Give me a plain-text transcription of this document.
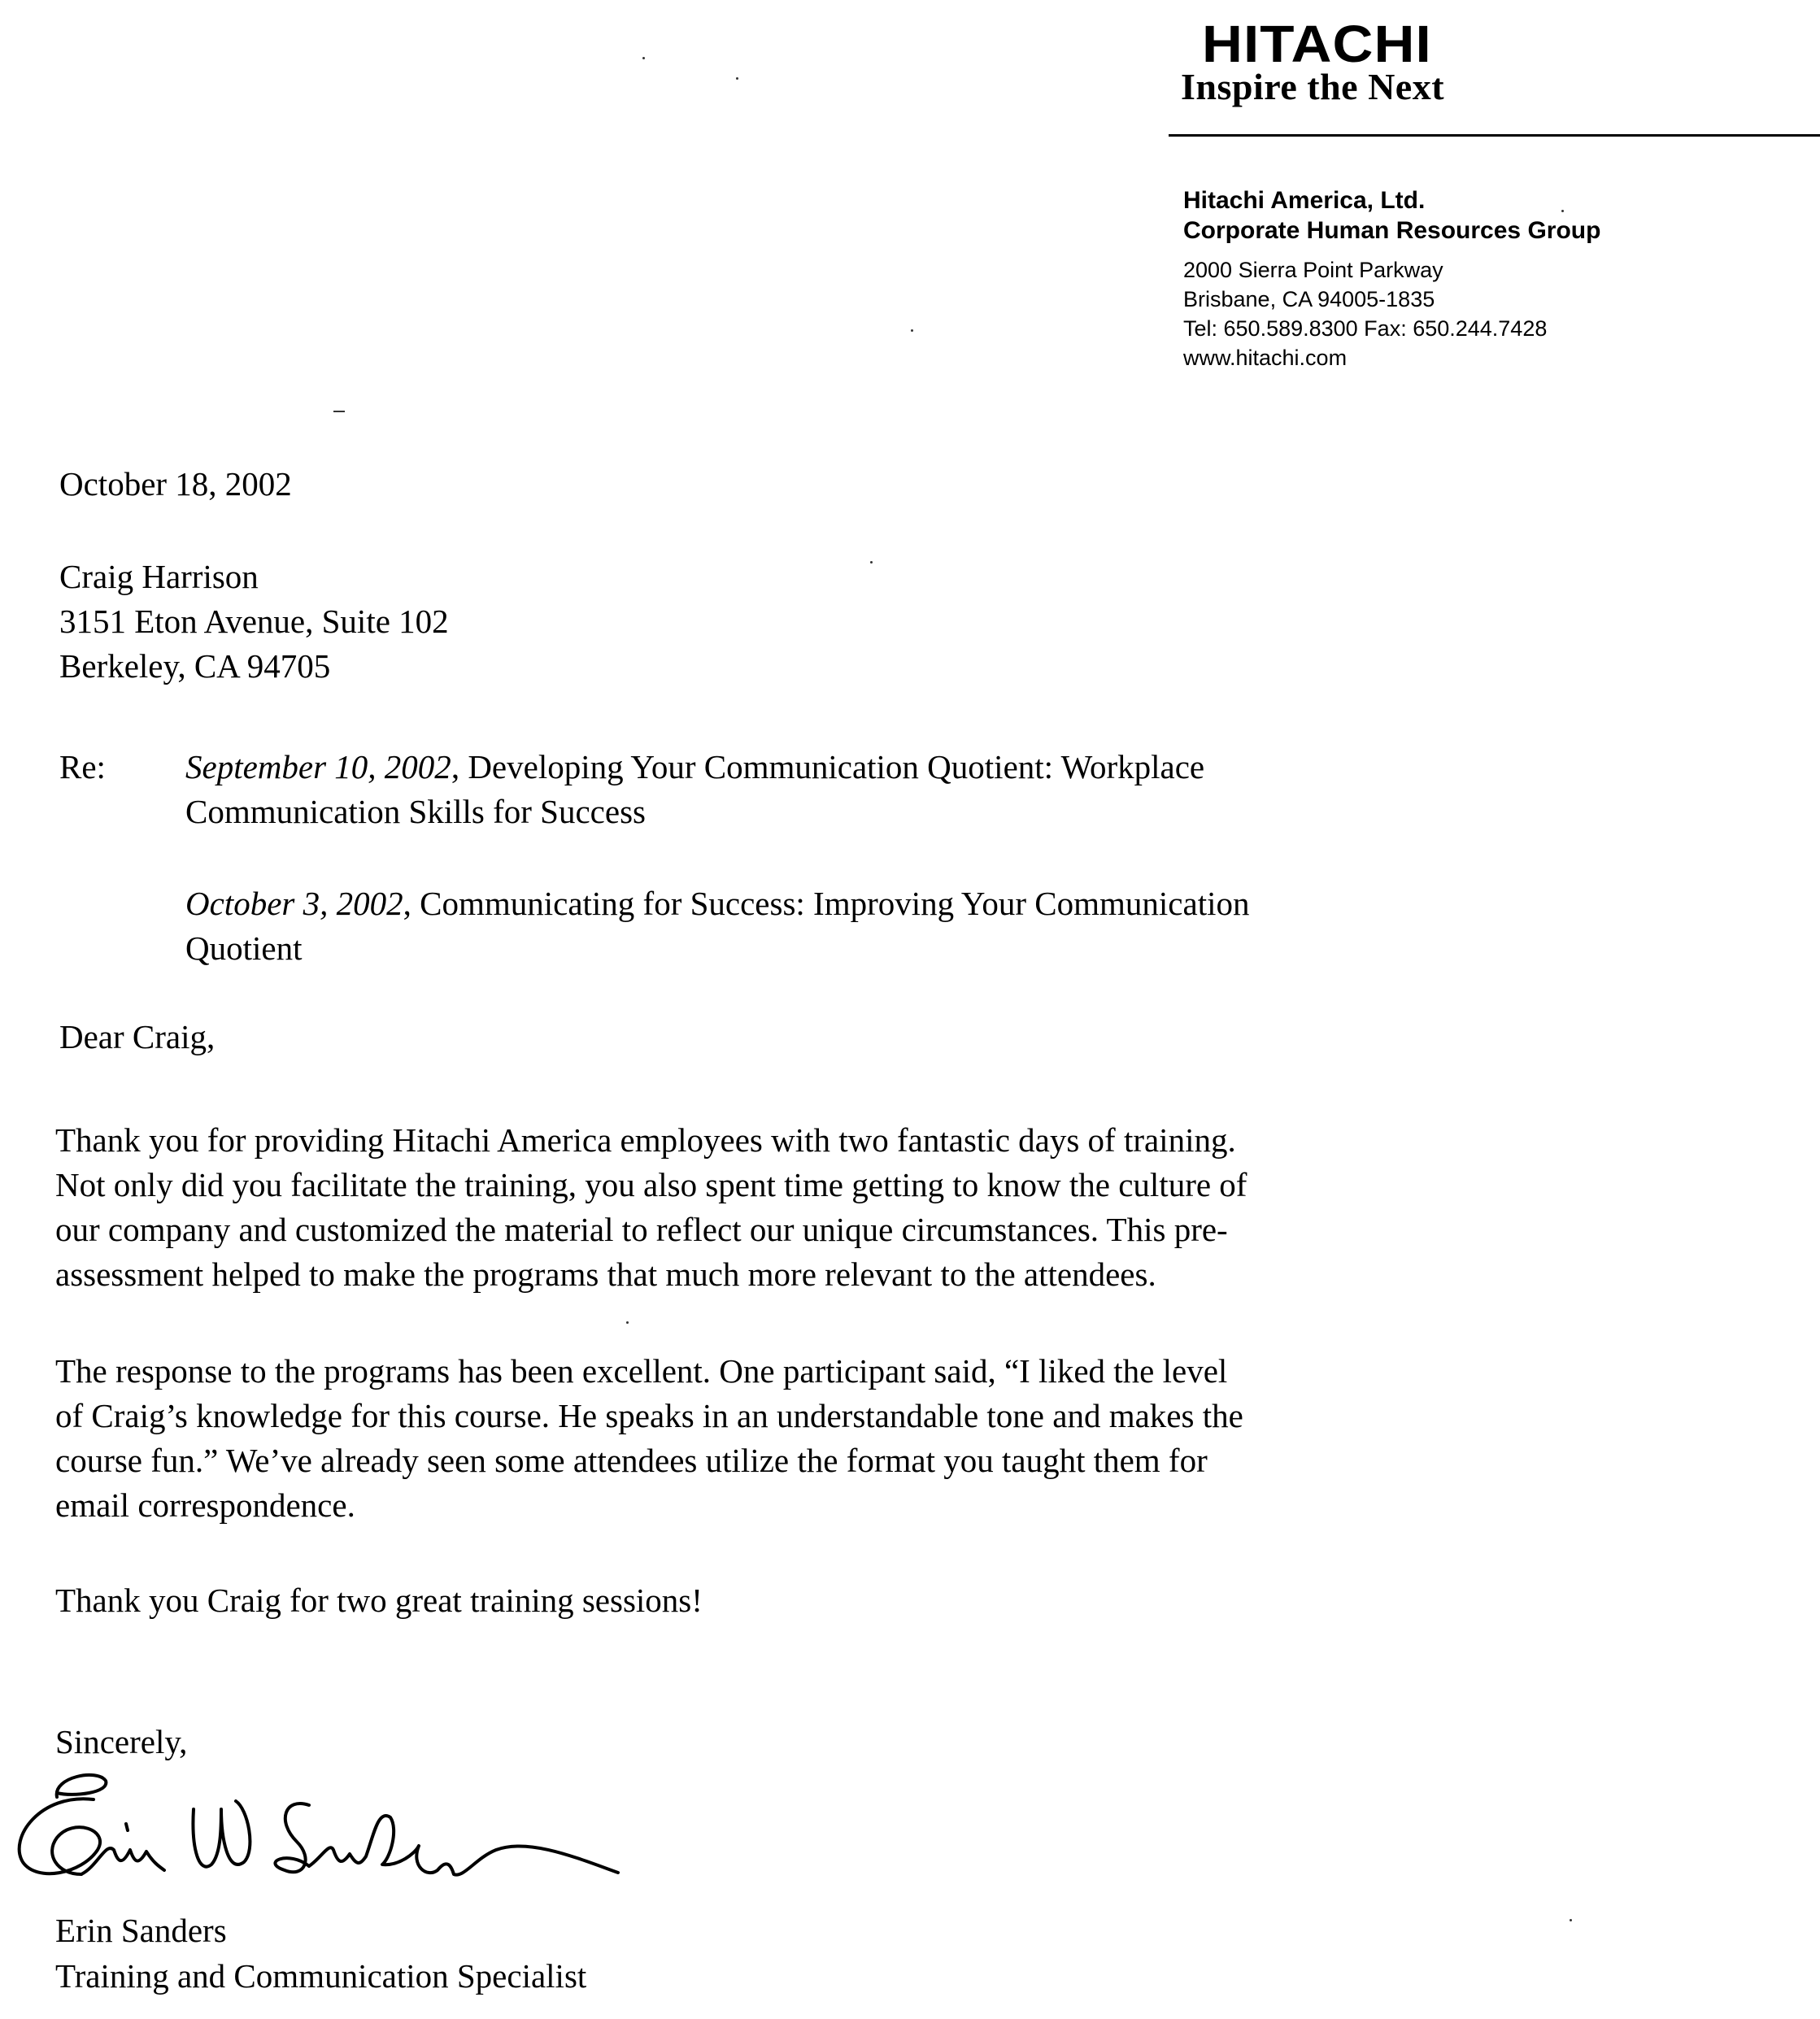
HITACHI
Inspire the Next
Hitachi America, Ltd.
Corporate Human Resources Group
2000 Sierra Point Parkway
Brisbane, CA 94005-1835
Tel: 650.589.8300 Fax: 650.244.7428
www.hitachi.com
October 18, 2002
Craig Harrison
3151 Eton Avenue, Suite 102
Berkeley, CA 94705
Re: September 10, 2002, Developing Your Communication Quotient: Workplace
Communication Skills for Success
October 3, 2002, Communicating for Success: Improving Your Communication
Quotient
Dear Craig,
Thank you for providing Hitachi America employees with two fantastic days of training.
Not only did you facilitate the training, you also spent time getting to know the culture of
our company and customized the material to reflect our unique circumstances. This pre-
assessment helped to make the programs that much more relevant to the attendees.
The response to the programs has been excellent. One participant said, “I liked the level
of Craig’s knowledge for this course. He speaks in an understandable tone and makes the
course fun.” We’ve already seen some attendees utilize the format you taught them for
email correspondence.
Thank you Craig for two great training sessions!
Sincerely,
Erin Sanders
Training and Communication Specialist
